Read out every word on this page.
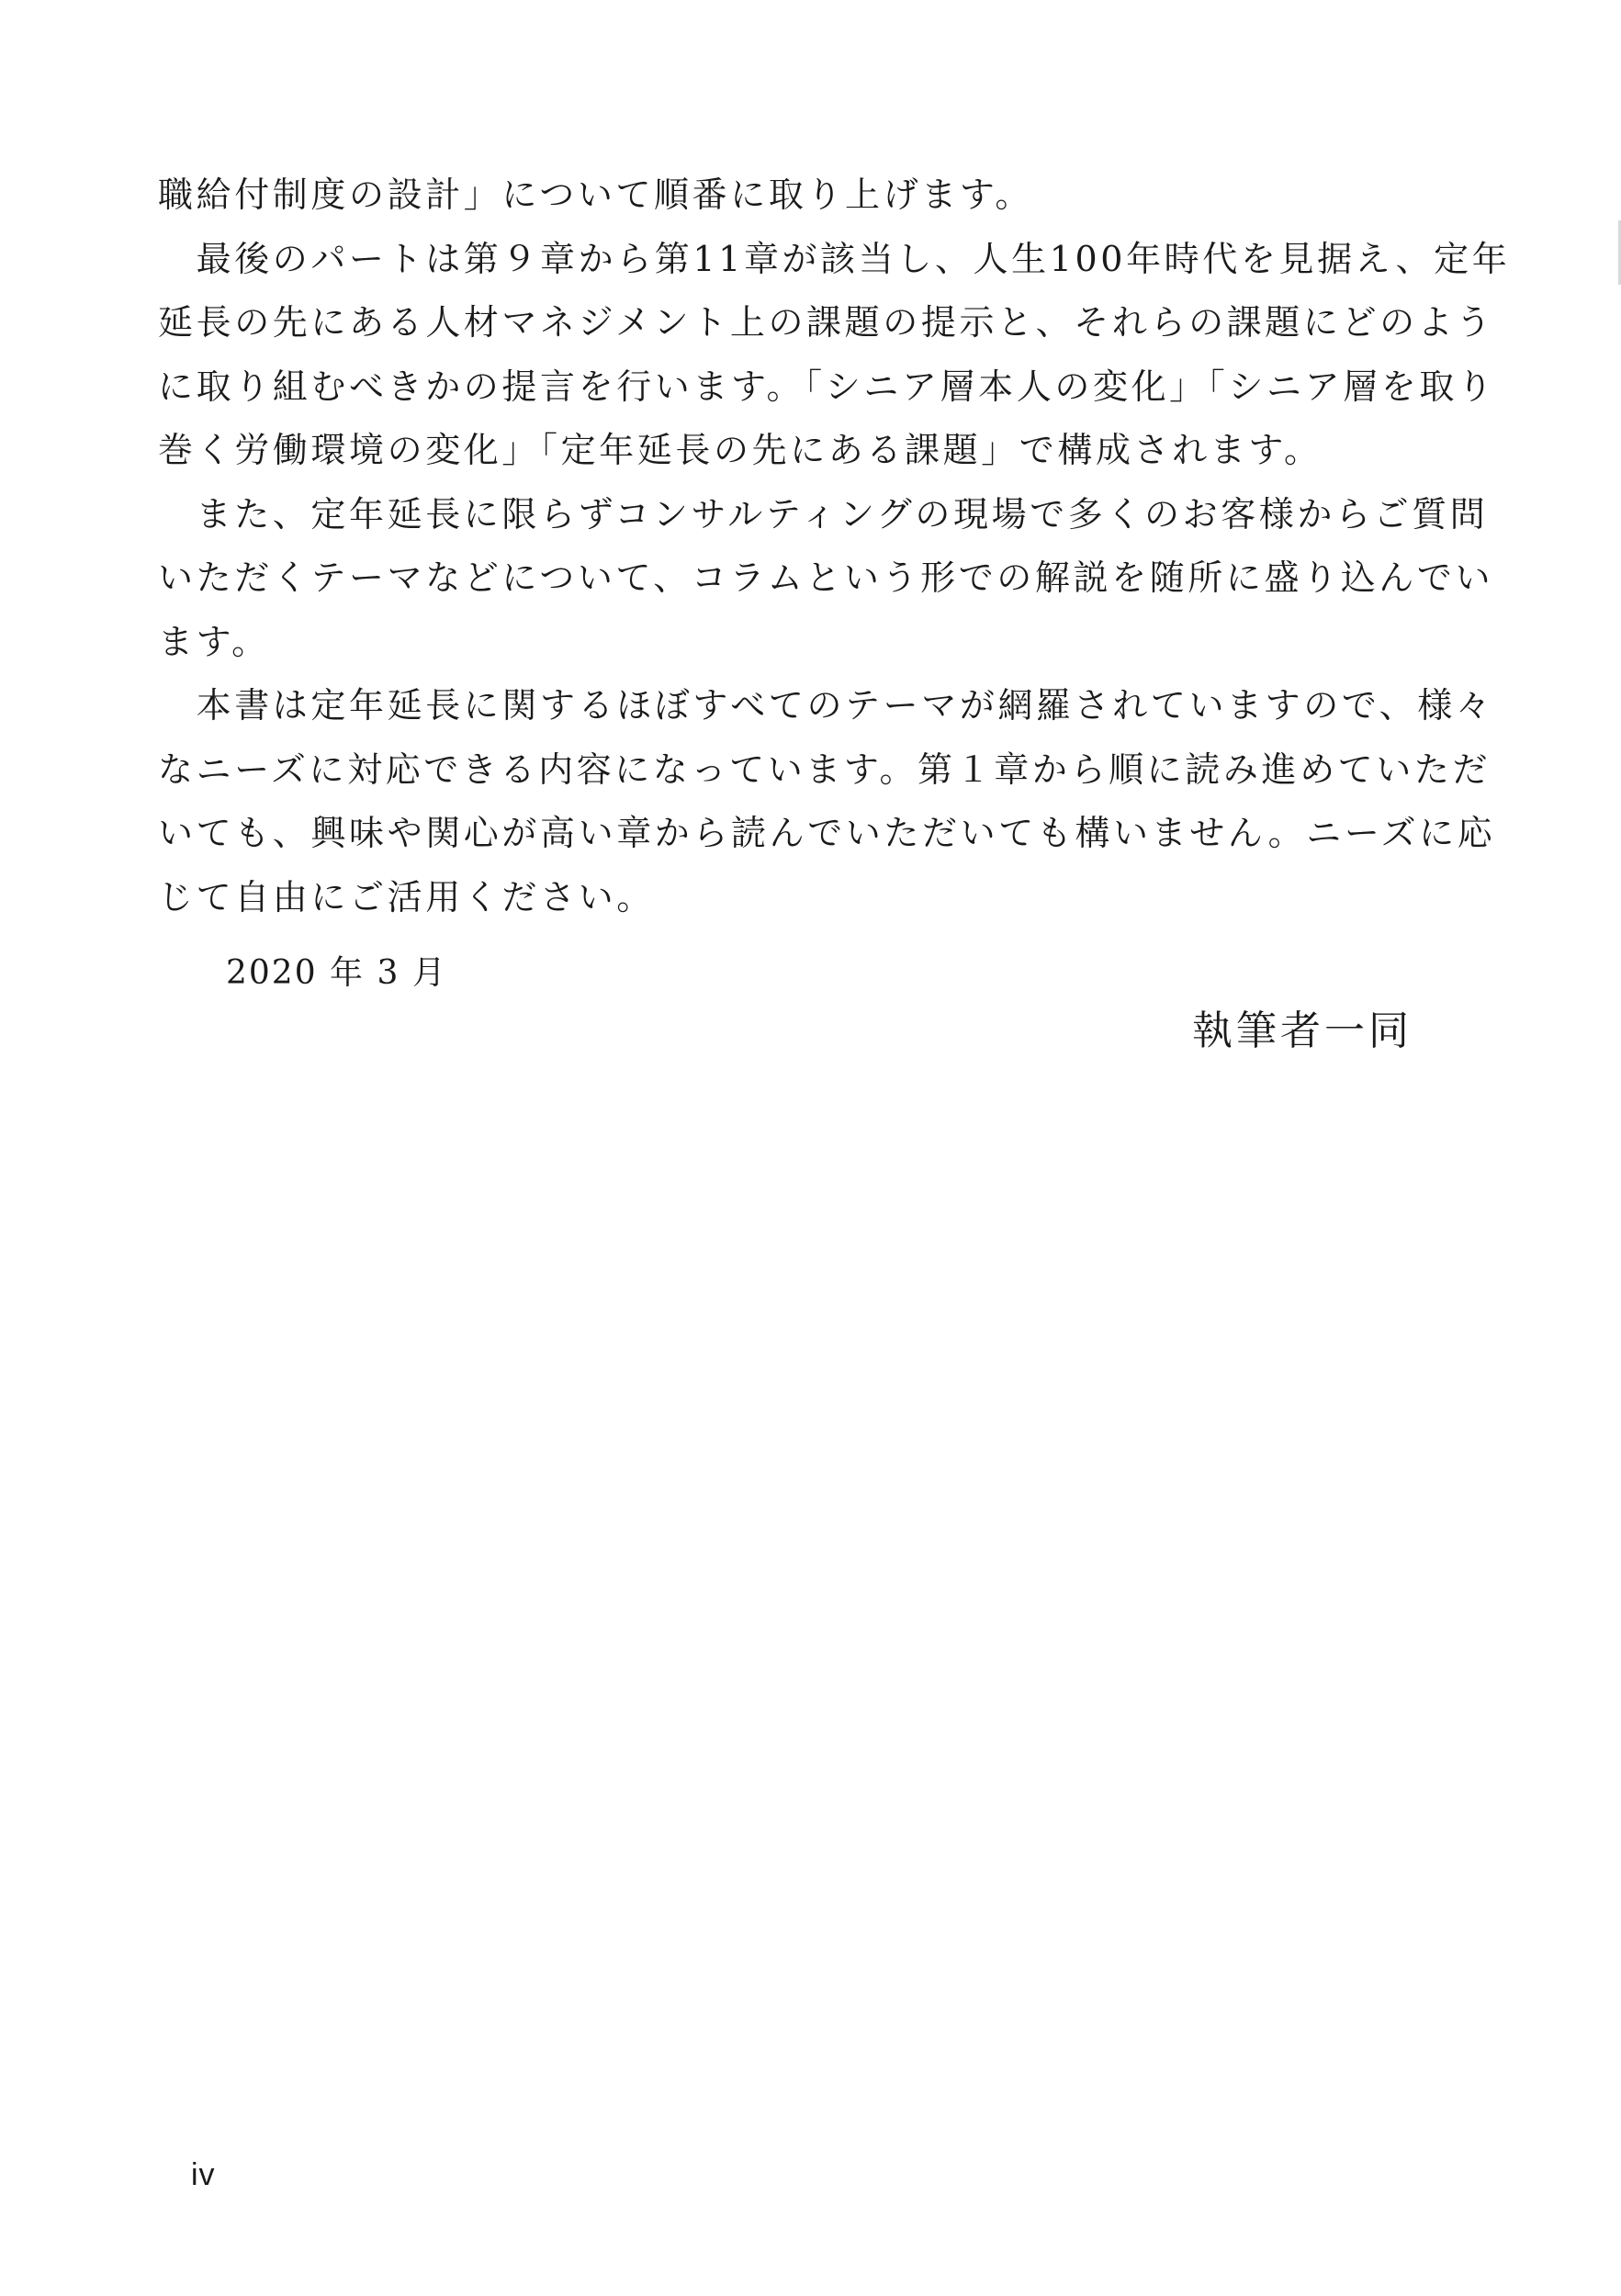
職給付制度の設計」について順番に取り上げます。
　最後のパートは第９章から第11章が該当し、人生100年時代を見据え、定年
延長の先にある人材マネジメント上の課題の提示と、それらの課題にどのよう
に取り組むべきかの提言を行います。「シニア層本人の変化」「シニア層を取り
巻く労働環境の変化」「定年延長の先にある課題」で構成されます。
　また、定年延長に限らずコンサルティングの現場で多くのお客様からご質問
いただくテーマなどについて、コラムという形での解説を随所に盛り込んでい
ます。
　本書は定年延長に関するほぼすべてのテーマが網羅されていますので、様々
なニーズに対応できる内容になっています。第１章から順に読み進めていただ
いても、興味や関心が高い章から読んでいただいても構いません。ニーズに応
じて自由にご活用ください。
2020 年 3 月
執筆者一同
iv
